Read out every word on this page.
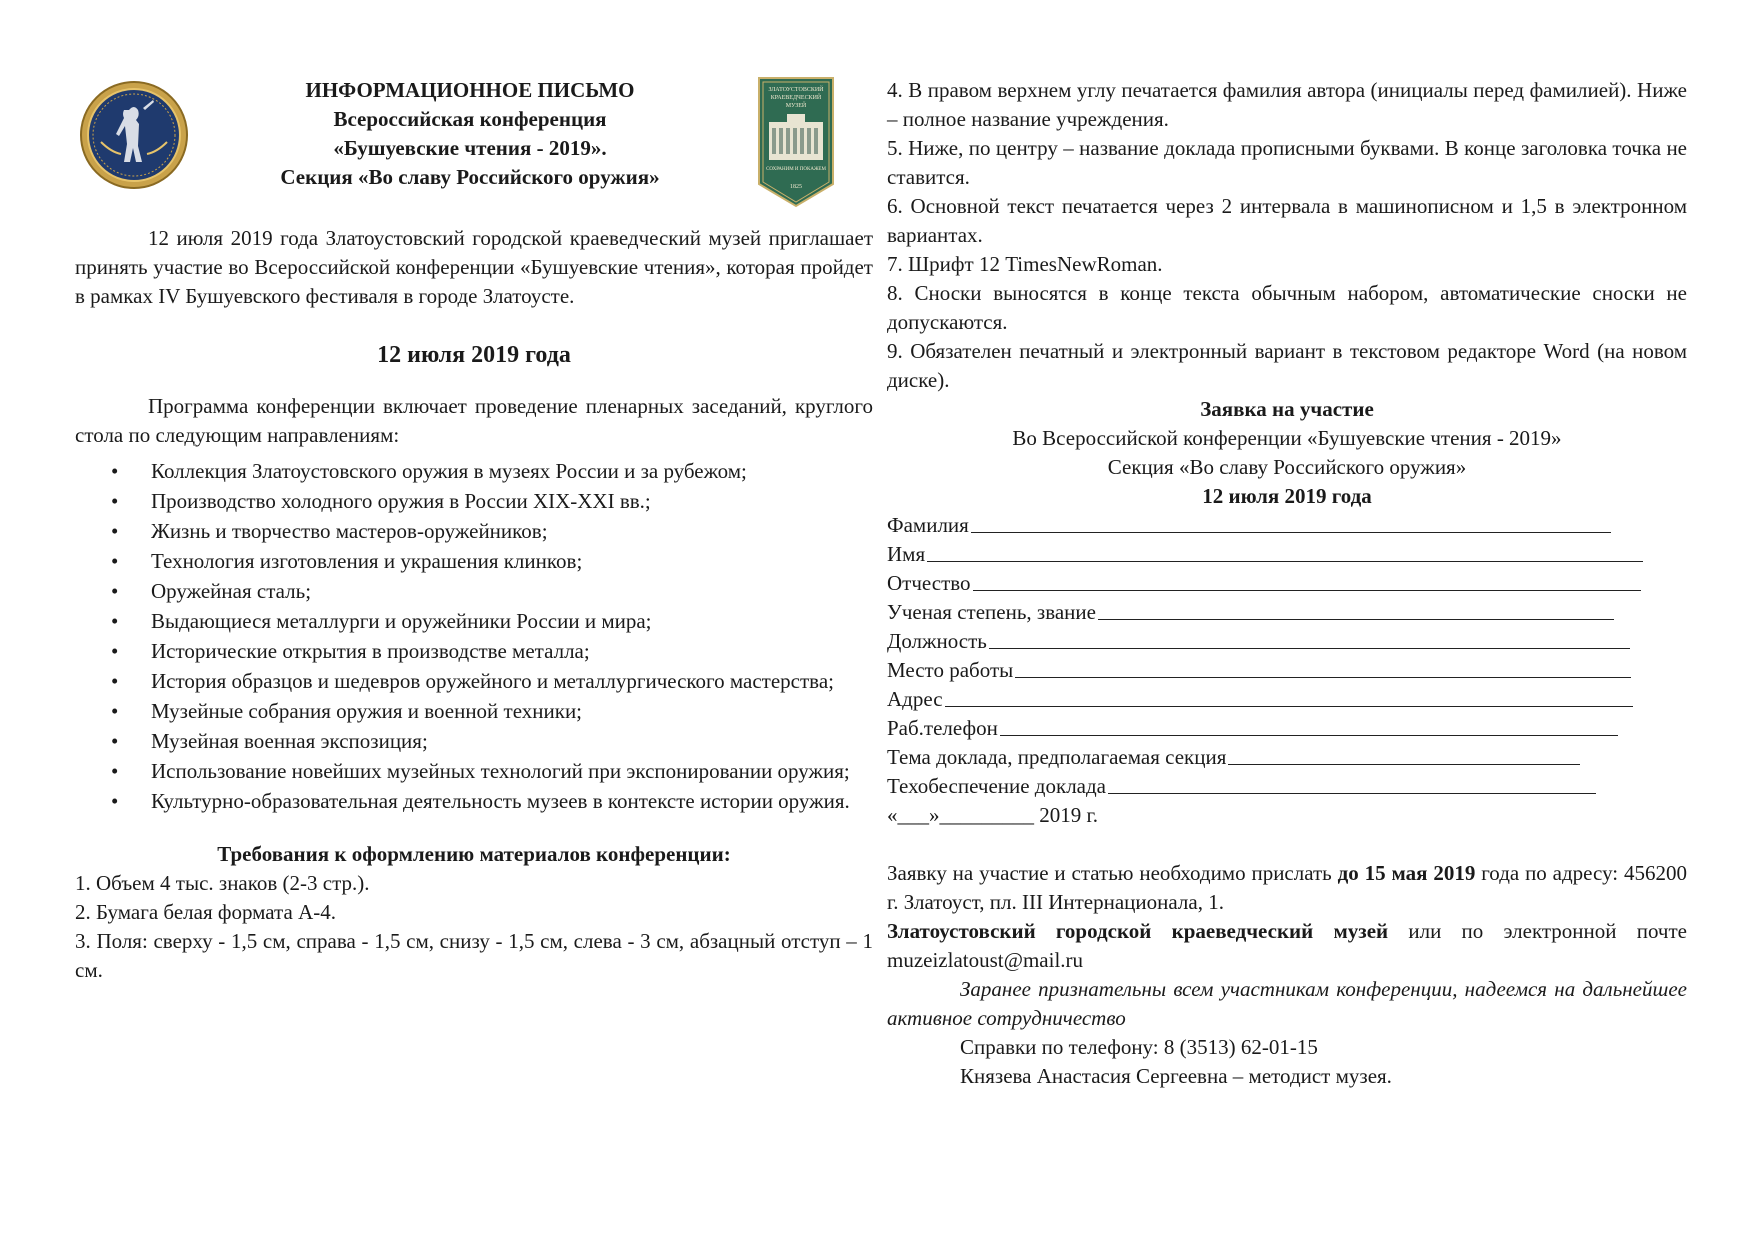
ИНФОРМАЦИОННОЕ ПИСЬМО
Всероссийская конференция
«Бушуевские чтения - 2019».
Секция «Во славу Российского оружия»
ЗЛАТОУСТОВСКИЙ
КРАЕВЕДЧЕСКИЙ
МУЗЕЙ
СОХРАНИМ И ПОКАЖЕМ
1825

12 июля 2019 года Златоустовский городской краеведческий музей приглашает принять участие во Всероссийской конференции «Бушуевские чтения», которая пройдет в рамках IV Бушуевского фестиваля в городе Златоусте.

12 июля 2019 года

Программа конференции включает проведение пленарных заседаний, круглого стола по следующим направлениям:

• Коллекция Златоустовского оружия в музеях России и за рубежом;
• Производство холодного оружия в России XIX-XXI вв.;
• Жизнь и творчество мастеров-оружейников;
• Технология изготовления и украшения клинков;
• Оружейная сталь;
• Выдающиеся металлурги и оружейники России и мира;
• Исторические открытия в производстве металла;
• История образцов и шедевров оружейного и металлургического мастерства;
• Музейные собрания оружия и военной техники;
• Музейная военная экспозиция;
• Использование новейших музейных технологий при экспонировании оружия;
• Культурно-образовательная деятельность музеев в контексте истории оружия.
Требования к оформлению материалов конференции:

1. Объем 4 тыс. знаков (2-3 стр.).

2. Бумага белая формата А-4.

3. Поля: сверху - 1,5 см, справа - 1,5 см, снизу - 1,5 см, слева - 3 см, абзацный отступ – 1 см.

4. В правом верхнем углу печатается фамилия автора (инициалы перед фамилией). Ниже – полное название учреждения.

5. Ниже, по центру – название доклада прописными буквами. В конце заголовка точка не ставится.

6. Основной текст печатается через 2 интервала в машинописном и 1,5 в электронном вариантах.

7. Шрифт 12 TimesNewRoman.

8. Сноски выносятся в конце текста обычным набором, автоматические сноски не допускаются.

9. Обязателен печатный и электронный вариант в текстовом редакторе Word (на новом диске).

Заявка на участие
Во Всероссийской конференции «Бушуевские чтения - 2019»
Секция «Во славу Российского оружия»
12 июля 2019 года
Фамилия
Имя
Отчество
Ученая степень, звание
Должность
Место работы
Адрес
Раб.телефон
Тема доклада, предполагаемая секция
Техобеспечение доклада
«___»_________ 2019 г.

Заявку на участие и статью необходимо прислать до 15 мая 2019 года по адресу: 456200 г. Златоуст, пл. III Интернационала, 1.

Златоустовский городской краеведческий музей или по электронной почте muzeizlatoust@mail.ru

Заранее признательны всем участникам конференции, надеемся на дальнейшее активное сотрудничество

Справки по телефону: 8 (3513) 62-01-15

Князева Анастасия Сергеевна – методист музея.
